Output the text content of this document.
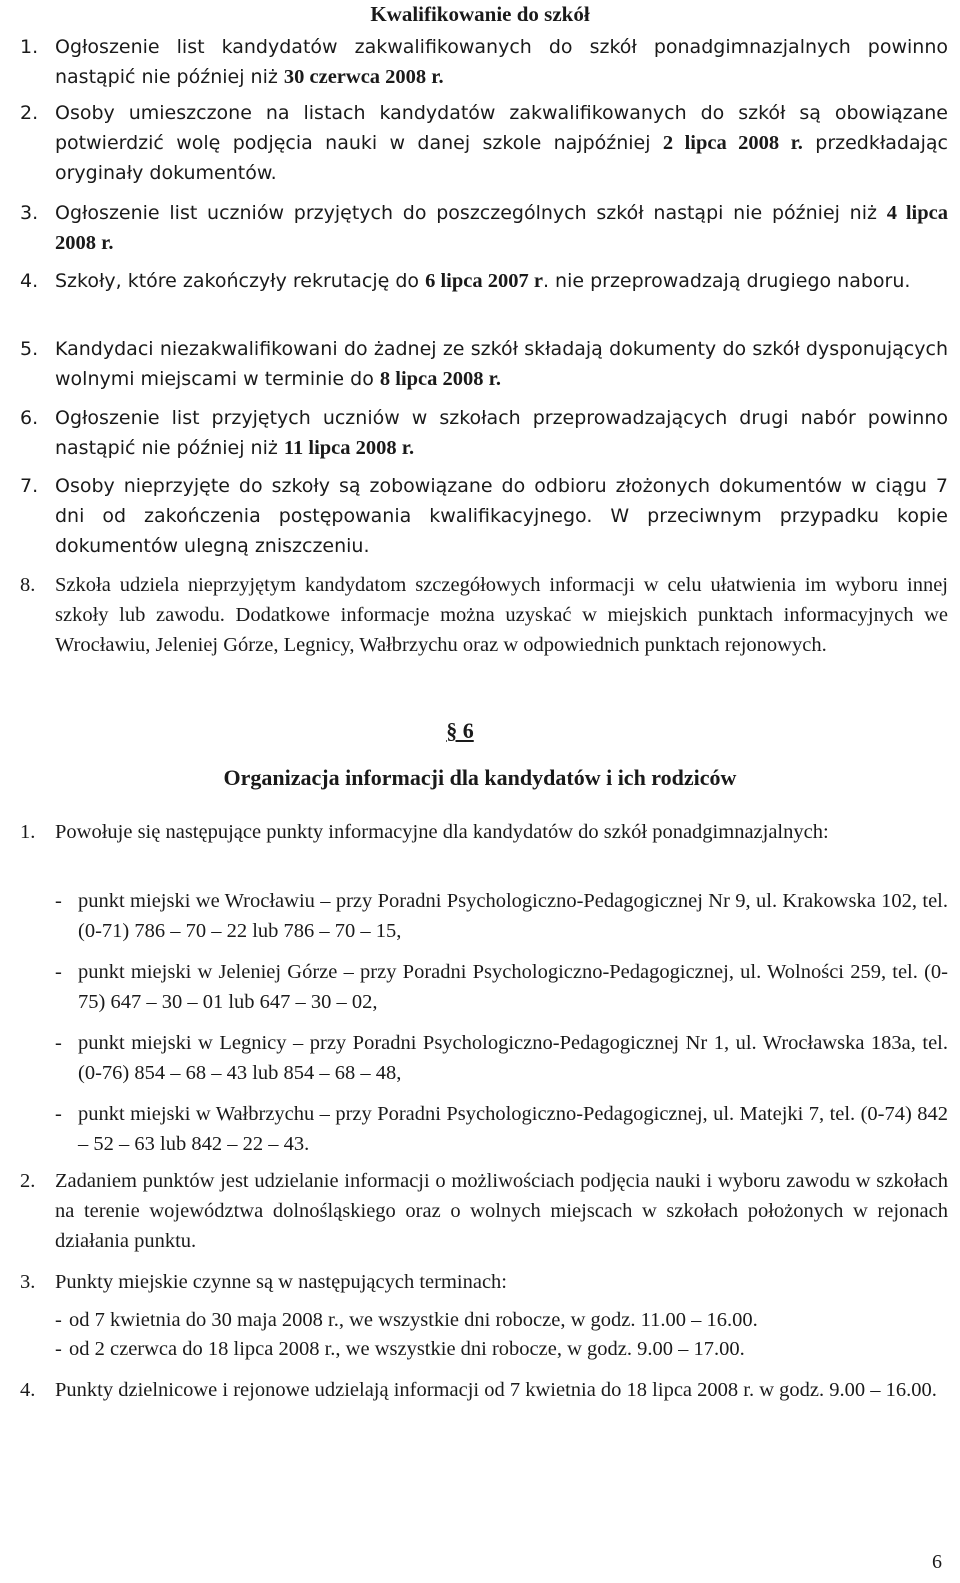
Kwalifikowanie do szkół
1. Ogłoszenie list kandydatów zakwalifikowanych do szkół ponadgimnazjalnych powinno nastąpić nie później niż 30 czerwca 2008 r.
2. Osoby umieszczone na listach kandydatów zakwalifikowanych do szkół są obowiązane potwierdzić wolę podjęcia nauki w danej szkole najpóźniej 2 lipca 2008 r. przedkładając oryginały dokumentów.
3. Ogłoszenie list uczniów przyjętych do poszczególnych szkół nastąpi nie później niż 4 lipca 2008 r.
4. Szkoły, które zakończyły rekrutację do 6 lipca 2007 r. nie przeprowadzają drugiego naboru.
5. Kandydaci niezakwalifikowani do żadnej ze szkół składają dokumenty do szkół dysponujących wolnymi miejscami w terminie do 8 lipca 2008 r.
6. Ogłoszenie list przyjętych uczniów w szkołach przeprowadzających drugi nabór powinno nastąpić nie później niż 11 lipca 2008 r.
7. Osoby nieprzyjęte do szkoły są zobowiązane do odbioru złożonych dokumentów w ciągu 7 dni od zakończenia postępowania kwalifikacyjnego. W przeciwnym przypadku kopie dokumentów ulegną zniszczeniu.
8. Szkoła udziela nieprzyjętym kandydatom szczegółowych informacji w celu ułatwienia im wyboru innej szkoły lub zawodu. Dodatkowe informacje można uzyskać w miejskich punktach informacyjnych we Wrocławiu, Jeleniej Górze, Legnicy, Wałbrzychu oraz w odpowiednich punktach rejonowych.
§ 6
Organizacja informacji dla kandydatów i ich rodziców
1. Powołuje się następujące punkty informacyjne dla kandydatów do szkół ponadgimnazjalnych:
- punkt miejski we Wrocławiu – przy Poradni Psychologiczno-Pedagogicznej Nr 9, ul. Krakowska 102, tel. (0-71) 786 – 70 – 22 lub 786 – 70 – 15,
- punkt miejski w Jeleniej Górze – przy Poradni Psychologiczno-Pedagogicznej, ul. Wolności 259, tel. (0-75) 647 – 30 – 01 lub 647 – 30 – 02,
- punkt miejski w Legnicy – przy Poradni Psychologiczno-Pedagogicznej Nr 1, ul. Wrocławska 183a, tel. (0-76) 854 – 68 – 43 lub 854 – 68 – 48,
- punkt miejski w Wałbrzychu – przy Poradni Psychologiczno-Pedagogicznej, ul. Matejki 7, tel. (0-74) 842 – 52 – 63 lub 842 – 22 – 43.
2. Zadaniem punktów jest udzielanie informacji o możliwościach podjęcia nauki i wyboru zawodu w szkołach na terenie województwa dolnośląskiego oraz o wolnych miejscach w szkołach położonych w rejonach działania punktu.
3. Punkty miejskie czynne są w następujących terminach:
- od 7 kwietnia do 30 maja 2008 r., we wszystkie dni robocze, w godz. 11.00 – 16.00.
- od 2 czerwca do 18 lipca 2008 r., we wszystkie dni robocze, w godz. 9.00 – 17.00.
4. Punkty dzielnicowe i rejonowe udzielają informacji od 7 kwietnia do 18 lipca 2008 r. w godz. 9.00 – 16.00.
6
